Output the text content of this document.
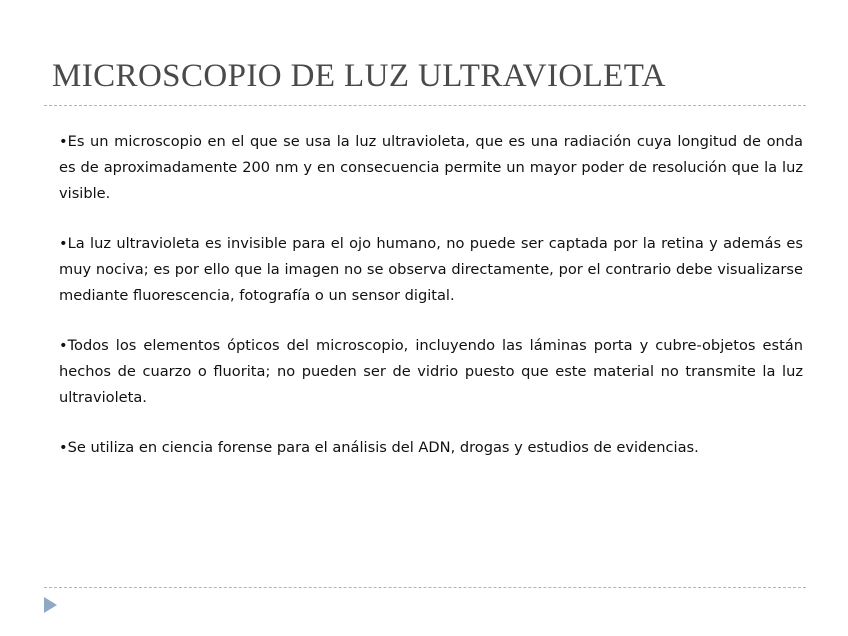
MICROSCOPIO DE LUZ ULTRAVIOLETA

•Es un microscopio en el que se usa la luz ultravioleta, que es una radiación cuya longitud de onda es de aproximadamente 200 nm y en consecuencia permite un mayor poder de resolución que la luz visible.

•La luz ultravioleta es invisible para el ojo humano, no puede ser captada por la retina y además es muy nociva; es por ello que la imagen no se observa directamente, por el contrario debe visualizarse mediante fluorescencia, fotografía o un sensor digital.

•Todos los elementos ópticos del microscopio, incluyendo las láminas porta y cubre-objetos están hechos de cuarzo o fluorita; no pueden ser de vidrio puesto que este material no transmite la luz ultravioleta.

•Se utiliza en ciencia forense para el análisis del ADN, drogas y estudios de evidencias.
